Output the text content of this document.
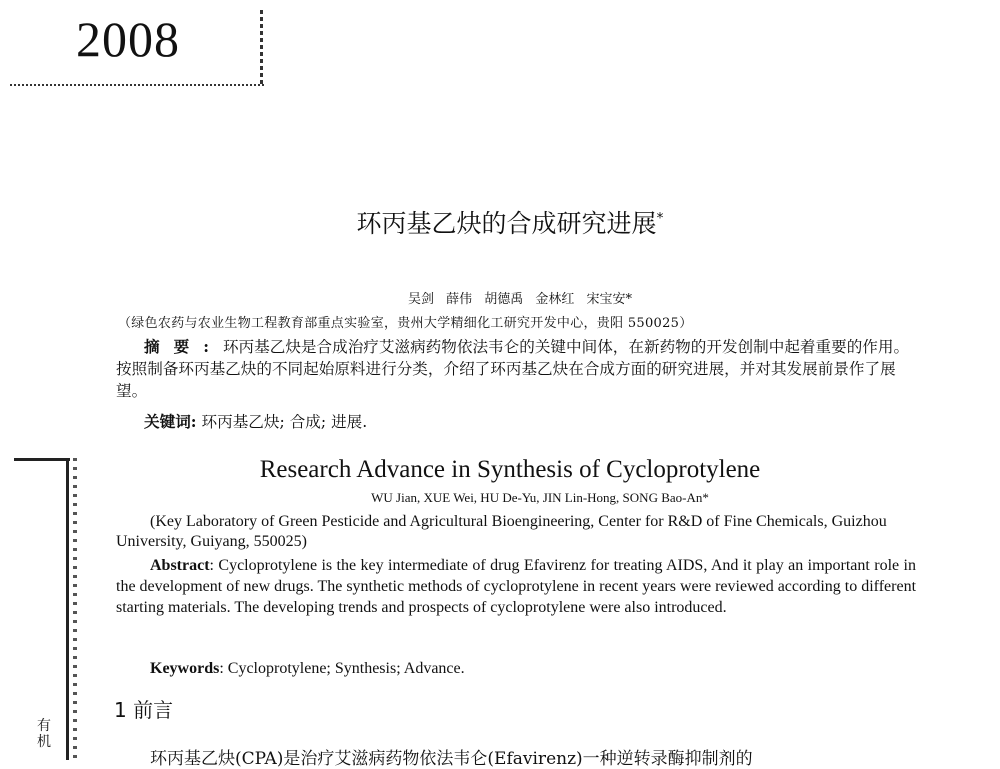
2008
环丙基乙炔的合成研究进展*
吴剑 薛伟 胡德禹 金林红 宋宝安*
（绿色农药与农业生物工程教育部重点实验室，贵州大学精细化工研究开发中心，贵阳 550025）
摘要:环丙基乙炔是合成治疗艾滋病药物依法韦仑的关键中间体，在新药物的开发创制中起着重要的作用。按照制备环丙基乙炔的不同起始原料进行分类，介绍了环丙基乙炔在合成方面的研究进展，并对其发展前景作了展望。
关键词: 环丙基乙炔; 合成; 进展.
Research Advance in Synthesis of Cycloprotylene
WU Jian, XUE Wei, HU De-Yu, JIN Lin-Hong, SONG Bao-An*
(Key Laboratory of Green Pesticide and Agricultural Bioengineering, Center for R&D of Fine Chemicals, Guizhou University, Guiyang, 550025)
Abstract: Cycloprotylene is the key intermediate of drug Efavirenz for treating AIDS, And it play an important role in the development of new drugs. The synthetic methods of cycloprotylene in recent years were reviewed according to different starting materials. The developing trends and prospects of cycloprotylene were also introduced.
Keywords: Cycloprotylene; Synthesis; Advance.
1 前言
环丙基乙炔(CPA)是治疗艾滋病药物依法韦仑(Efavirenz)一种逆转录酶抑制剂的
有机
